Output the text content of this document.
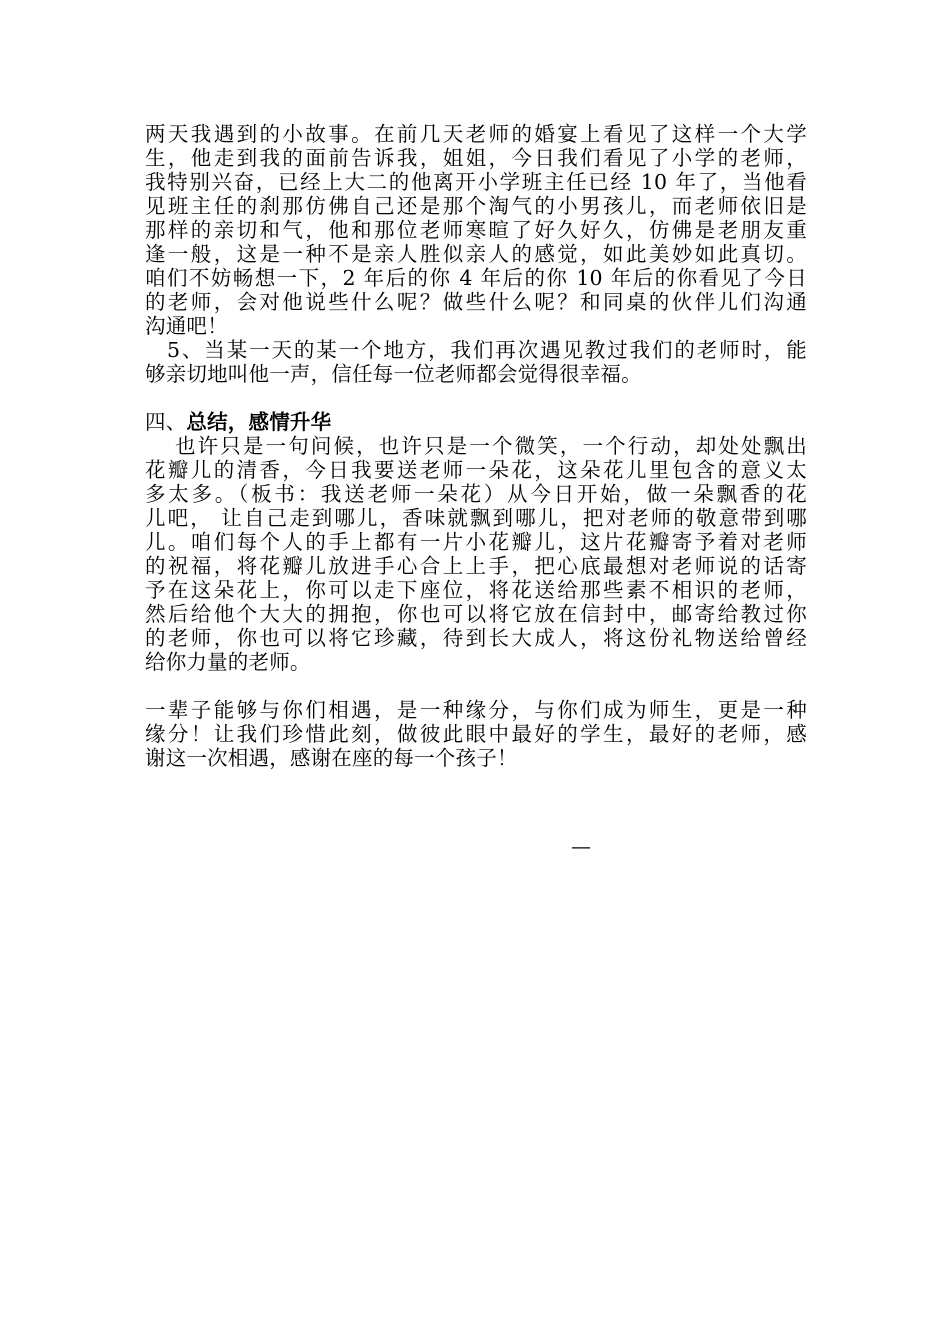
两天我遇到的小故事。在前几天老师的婚宴上看见了这样一个大学
生，他走到我的面前告诉我，姐姐，今日我们看见了小学的老师，
我特别兴奋，已经上大二的他离开小学班主任已经 10 年了，当他看
见班主任的刹那仿佛自己还是那个淘气的小男孩儿，而老师依旧是
那样的亲切和气，他和那位老师寒暄了好久好久，仿佛是老朋友重
逢一般，这是一种不是亲人胜似亲人的感觉，如此美妙如此真切。
咱们不妨畅想一下，2 年后的你 4 年后的你 10 年后的你看见了今日
的老师，会对他说些什么呢？做些什么呢？和同桌的伙伴儿们沟通
沟通吧！
5、当某一天的某一个地方，我们再次遇见教过我们的老师时，能
够亲切地叫他一声，信任每一位老师都会觉得很幸福。
四、总结，感情升华
也许只是一句问候，也许只是一个微笑，一个行动，却处处飘出
花瓣儿的清香，今日我要送老师一朵花，这朵花儿里包含的意义太
多太多。（板书：我送老师一朵花）从今日开始，做一朵飘香的花
儿吧， 让自己走到哪儿，香味就飘到哪儿，把对老师的敬意带到哪
儿。咱们每个人的手上都有一片小花瓣儿，这片花瓣寄予着对老师
的祝福，将花瓣儿放进手心合上上手，把心底最想对老师说的话寄
予在这朵花上，你可以走下座位，将花送给那些素不相识的老师，
然后给他个大大的拥抱，你也可以将它放在信封中，邮寄给教过你
的老师，你也可以将它珍藏，待到长大成人，将这份礼物送给曾经
给你力量的老师。
一辈子能够与你们相遇，是一种缘分，与你们成为师生，更是一种
缘分！让我们珍惜此刻，做彼此眼中最好的学生，最好的老师，感
谢这一次相遇，感谢在座的每一个孩子！
—
